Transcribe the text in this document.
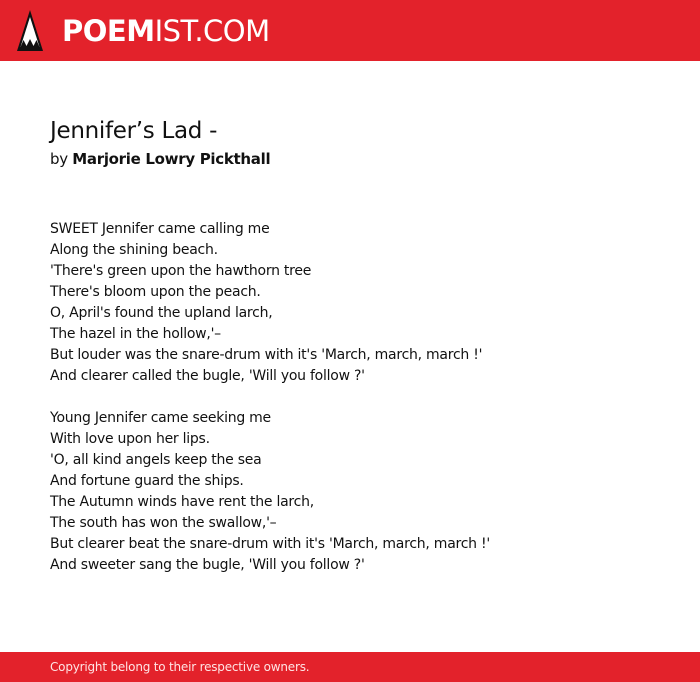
POEMIST.COM
Jennifer’s Lad -
by Marjorie Lowry Pickthall
SWEET Jennifer came calling me
Along the shining beach.
'There's green upon the hawthorn tree
There's bloom upon the peach.
O, April's found the upland larch,
The hazel in the hollow,'–
But louder was the snare-drum with it's 'March, march, march !'
And clearer called the bugle, 'Will you follow ?'
Young Jennifer came seeking me
With love upon her lips.
'O, all kind angels keep the sea
And fortune guard the ships.
The Autumn winds have rent the larch,
The south has won the swallow,'–
But clearer beat the snare-drum with it's 'March, march, march !'
And sweeter sang the bugle, 'Will you follow ?'
Copyright belong to their respective owners.
